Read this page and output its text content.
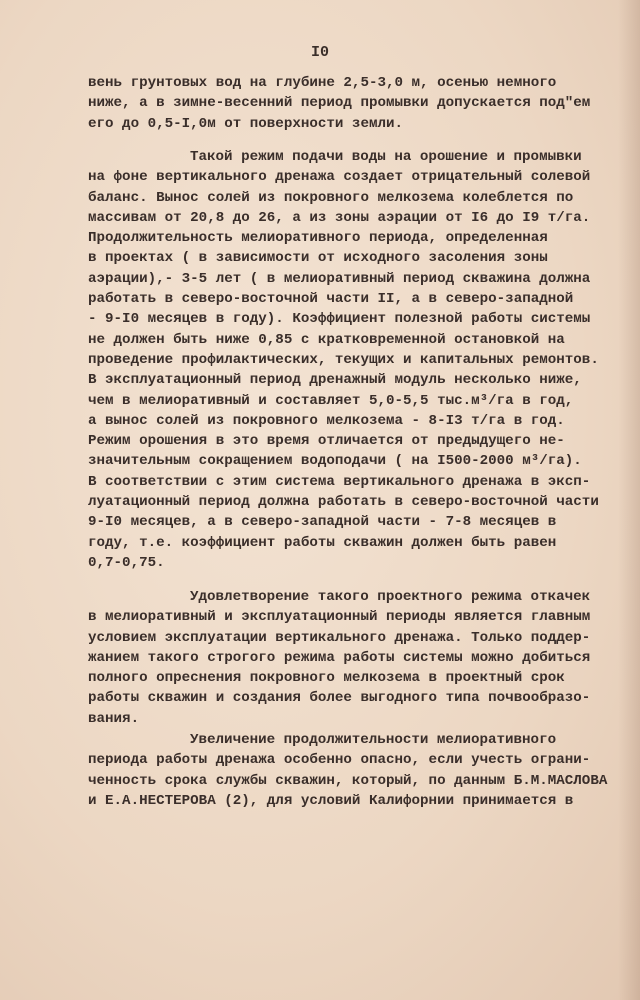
I0
вень грунтовых вод на глубине 2,5-3,0 м, осенью немного
ниже, а в зимне-весенний период промывки допускается под"ем
его до 0,5-I,0м от поверхности земли.
Такой режим подачи воды на орошение и промывки
на фоне вертикального дренажа создает отрицательный солевой
баланс. Вынос солей из покровного мелкозема колеблется по
массивам от 20,8 до 26, а из зоны аэрации от I6 до I9 т/га.
Продолжительность мелиоративного периода, определенная
в проектах ( в зависимости от исходного засоления зоны
аэрации),- 3-5 лет ( в мелиоративный период скважина должна
работать в северо-восточной части II, а в северо-западной
- 9-I0 месяцев в году). Коэффициент полезной работы системы
не должен быть ниже 0,85 с кратковременной остановкой на
проведение профилактических, текущих и капитальных ремонтов.
В эксплуатационный период дренажный модуль несколько ниже,
чем в мелиоративный и составляет 5,0-5,5 тыс.м³/га в год,
а вынос солей из покровного мелкозема - 8-I3 т/га в год.
Режим орошения в это время отличается от предыдущего не-
значительным сокращением водоподачи ( на I500-2000 м³/га).
В соответствии с этим система вертикального дренажа в эксп-
луатационный период должна работать в северо-восточной части
9-I0 месяцев, а в северо-западной части - 7-8 месяцев в
году, т.е. коэффициент работы скважин должен быть равен
0,7-0,75.
Удовлетворение такого проектного режима откачек
в мелиоративный и эксплуатационный периоды является главным
условием эксплуатации вертикального дренажа. Только поддер-
жанием такого строгого режима работы системы можно добиться
полного опреснения покровного мелкозема в проектный срок
работы скважин и создания более выгодного типа почвообразо-
вания.
Увеличение продолжительности мелиоративного
периода работы дренажа особенно опасно, если учесть ограни-
ченность срока службы скважин, который, по данным Б.М.МАСЛОВА
и Е.А.НЕСТЕРОВА (2), для условий Калифорнии принимается в
